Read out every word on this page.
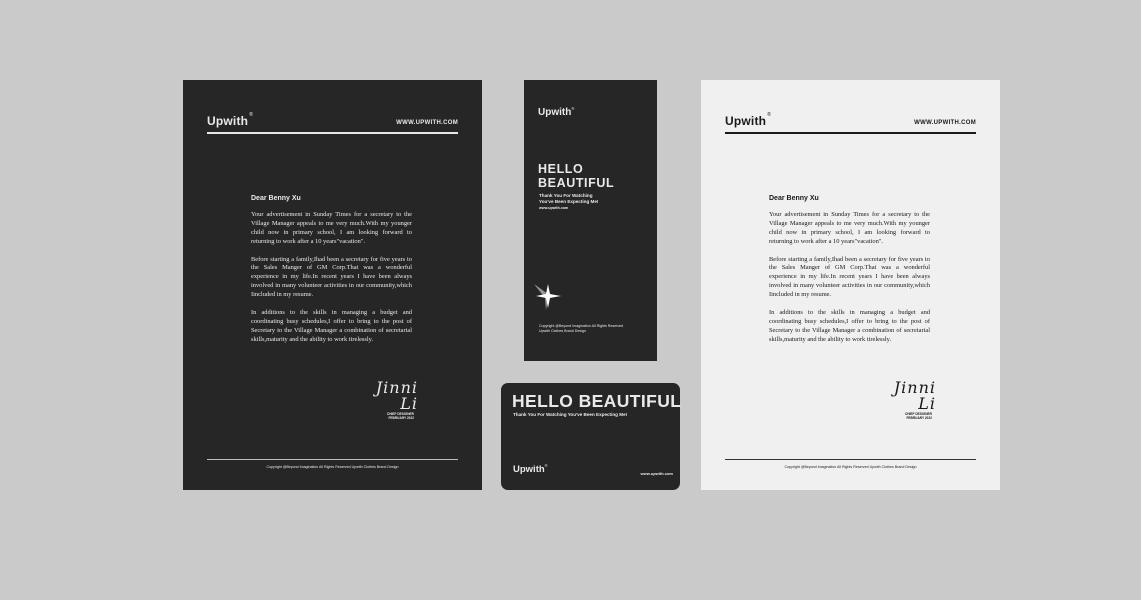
Upwith®
WWW.UPWITH.COM

Dear Benny Xu

Your advertisement in Sunday Times for a secretary to the Village Manager appeals to me very much.With my younger child now in primary school, I am looking forward to returning to work after a 10 years"vacation".

Before starting a family,Ihad been a secretary for five years to the Sales Manger of GM Corp.That was a wonderful experience in my life.In recent years I have been always involved in many volunteer activities in our community,which Iincluded in my resume.

In additions to the skills in managing a budget and coordinating busy schedules,I offer to bring to the post of Secretary to the Village Manager a combination of secretarial skills,maturity and the ability to work tirelessly.

Jinni Li
CHIEF DESIGNER
FEBRUARY 2022
Copyright @Beyond Imagination All Rights Reserved Upwith Clothes Brand Design
Upwith®
HELLO
BEAUTIFUL
Thank You For Watching
You've Been Expecting Me!
www.upwith.com
Copyright @Beyond Imagination All Rights Reserved
Upwith Clothes Brand Design
HELLO BEAUTIFUL
Thank You For Watching You've Been Expecting Me!
Upwith®
www.upwith.com
Upwith®
WWW.UPWITH.COM

Dear Benny Xu

Your advertisement in Sunday Times for a secretary to the Village Manager appeals to me very much.With my younger child now in primary school, I am looking forward to returning to work after a 10 years"vacation".

Before starting a family,Ihad been a secretary for five years to the Sales Manger of GM Corp.That was a wonderful experience in my life.In recent years I have been always involved in many volunteer activities in our community,which Iincluded in my resume.

In additions to the skills in managing a budget and coordinating busy schedules,I offer to bring to the post of Secretary to the Village Manager a combination of secretarial skills,maturity and the ability to work tirelessly.

Jinni Li
CHIEF DESIGNER
FEBRUARY 2022
Copyright @Beyond Imagination All Rights Reserved Upwith Clothes Brand Design
